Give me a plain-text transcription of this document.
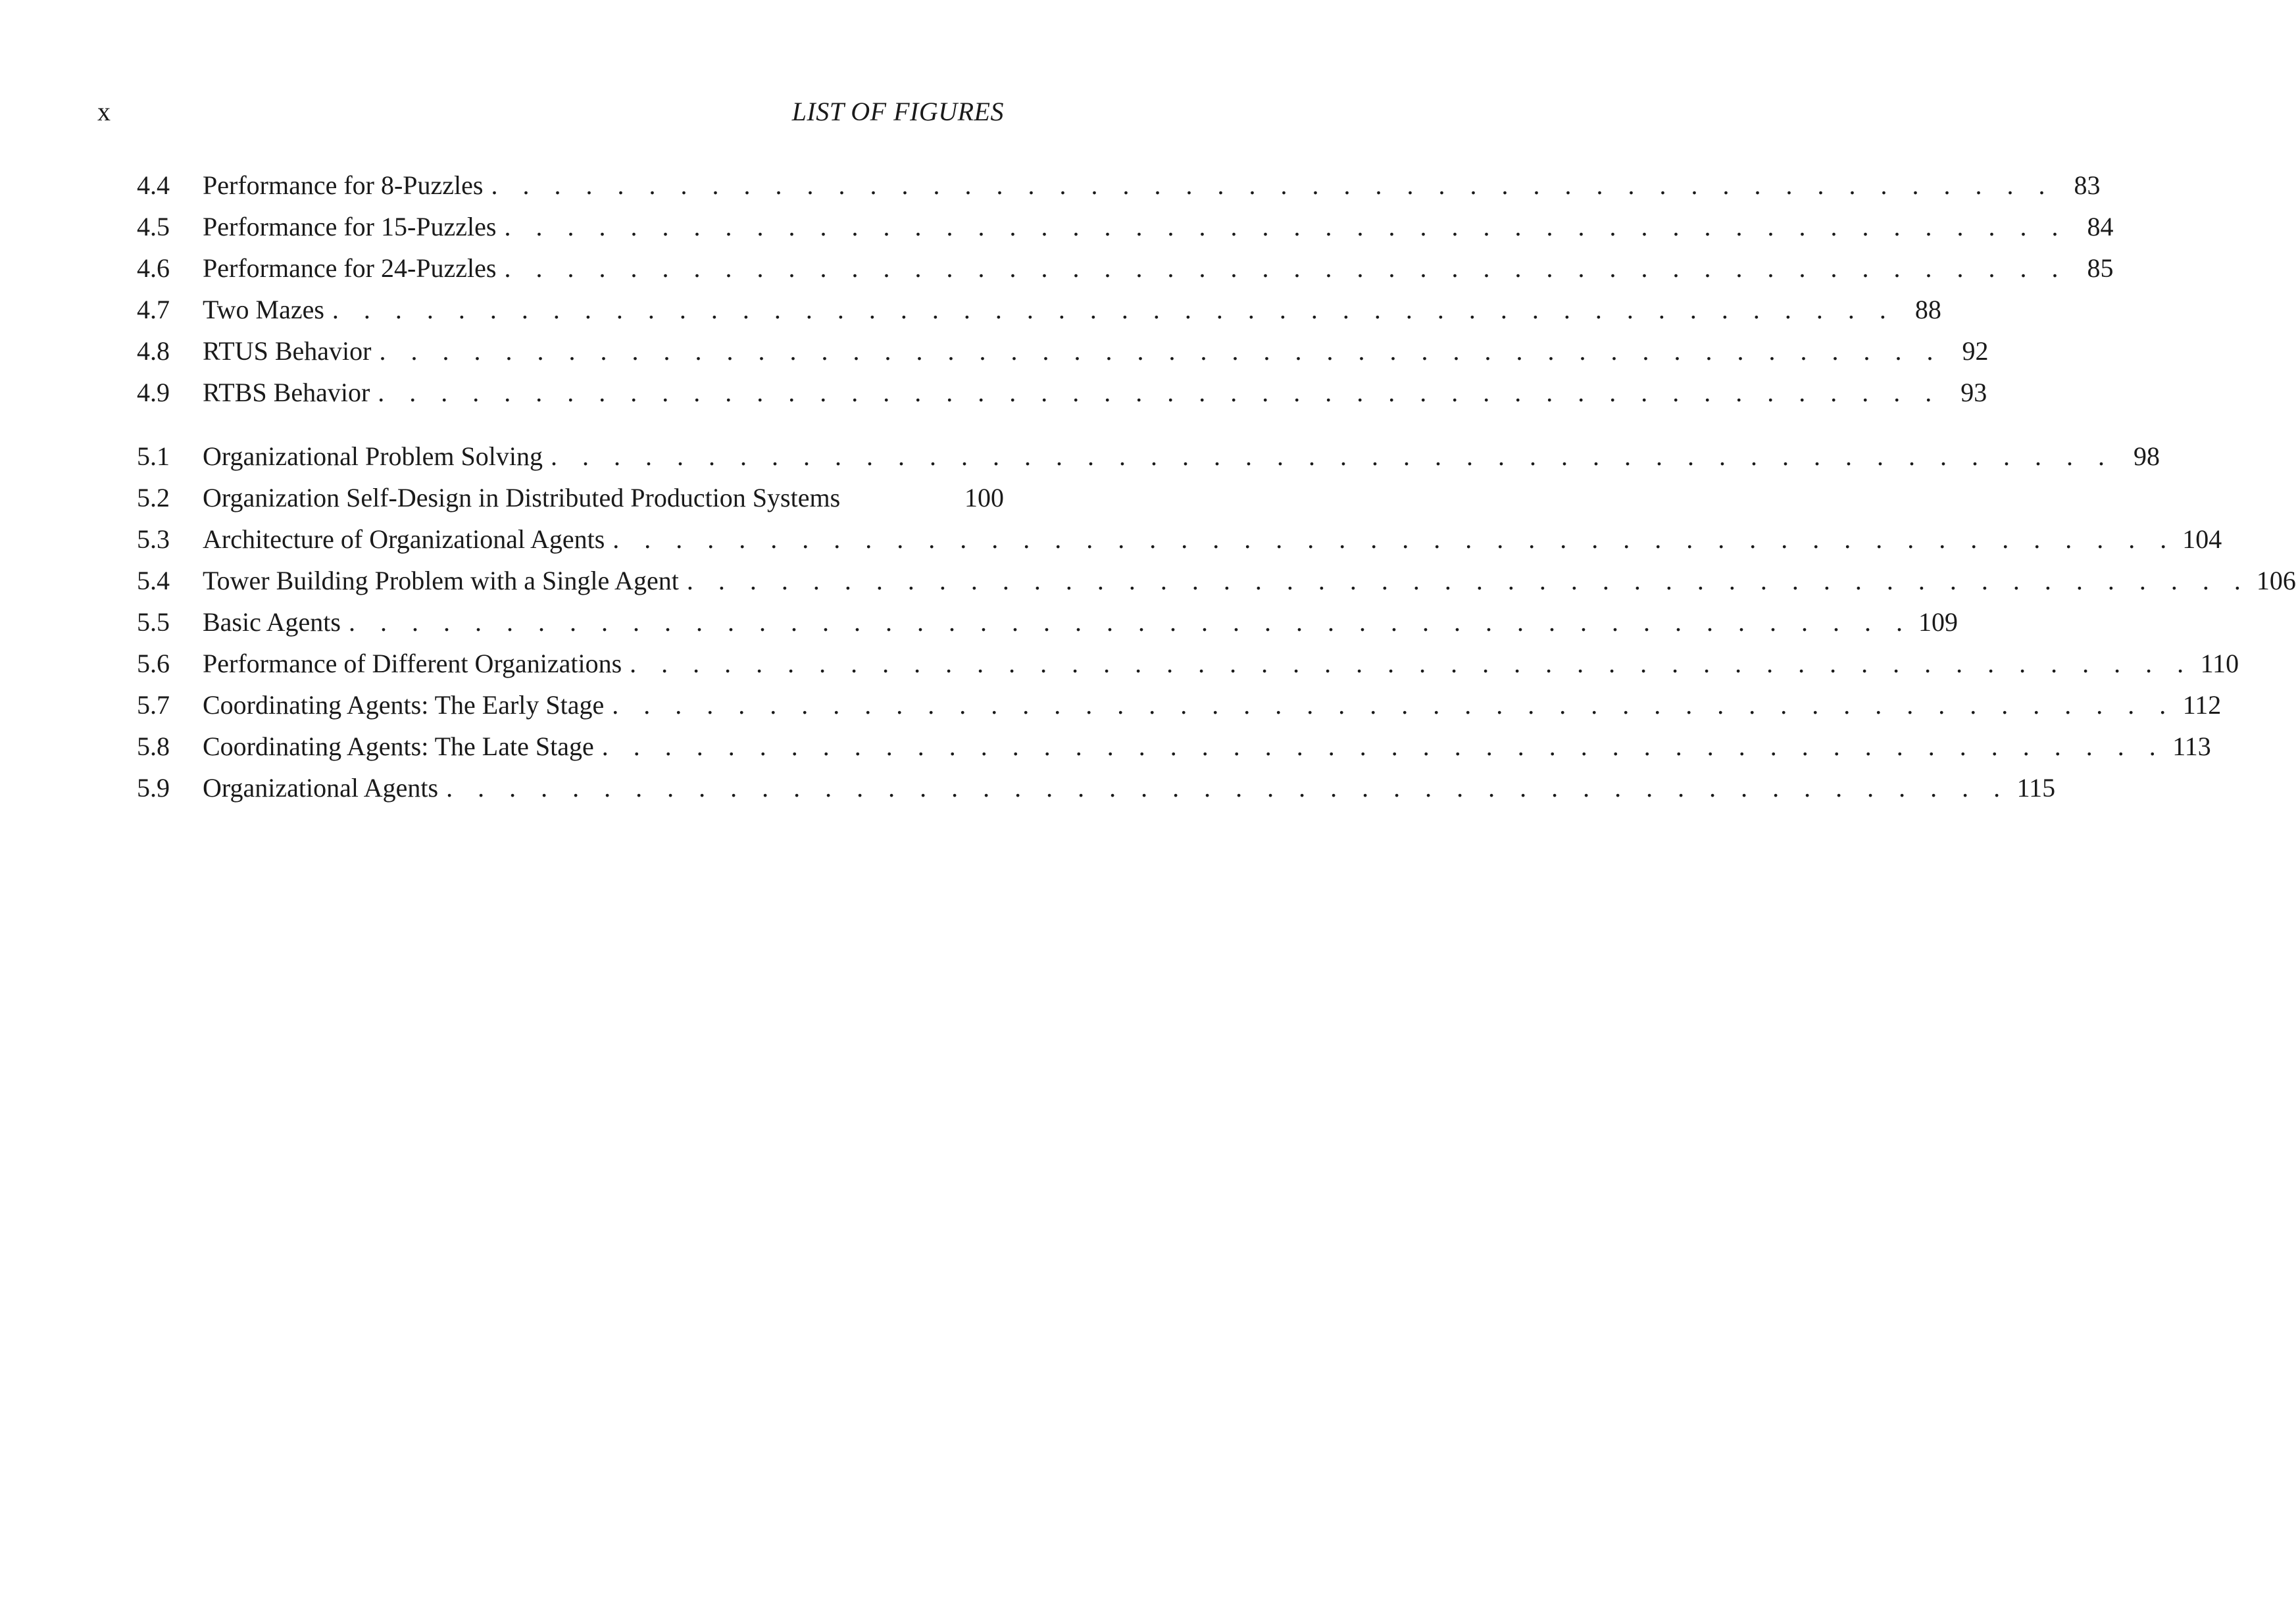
x	LIST OF FIGURES
4.4	Performance for 8-Puzzles . . . . . . . . . . . . . . . . . . . . . . . . . . . . . . . . . . . . . . . . . . . . . . . . . . 83
4.5	Performance for 15-Puzzles . . . . . . . . . . . . . . . . . . . . . . . . . . . . . . . . . . . . . . . . . . . . . . . . . . 84
4.6	Performance for 24-Puzzles . . . . . . . . . . . . . . . . . . . . . . . . . . . . . . . . . . . . . . . . . . . . . . . . . . 85
4.7	Two Mazes . . . . . . . . . . . . . . . . . . . . . . . . . . . . . . . . . . . . . . . . . . . . . . . . . . 88
4.8	RTUS Behavior . . . . . . . . . . . . . . . . . . . . . . . . . . . . . . . . . . . . . . . . . . . . . . . . . . 92
4.9	RTBS Behavior . . . . . . . . . . . . . . . . . . . . . . . . . . . . . . . . . . . . . . . . . . . . . . . . . . 93
5.1	Organizational Problem Solving . . . . . . . . . . . . . . . . . . . . . . . . . . . . . . . . . . . . . . . . . . . . . . . . . . 98
5.2	Organization Self-Design in Distributed Production Systems	100
5.3	Architecture of Organizational Agents . . . . . . . . . . . . . . . . . . . . . . . . . . . . . . . . . . . . . . . . . . . . . . . . . . 104
5.4	Tower Building Problem with a Single Agent . . . . . . . . . . . . . . . . . . . . . . . . . . . . . . . . . . . . . . . . . . . . . . . . . . 106
5.5	Basic Agents . . . . . . . . . . . . . . . . . . . . . . . . . . . . . . . . . . . . . . . . . . . . . . . . . . 109
5.6	Performance of Different Organizations . . . . . . . . . . . . . . . . . . . . . . . . . . . . . . . . . . . . . . . . . . . . . . . . . . 110
5.7	Coordinating Agents: The Early Stage . . . . . . . . . . . . . . . . . . . . . . . . . . . . . . . . . . . . . . . . . . . . . . . . . . 112
5.8	Coordinating Agents: The Late Stage . . . . . . . . . . . . . . . . . . . . . . . . . . . . . . . . . . . . . . . . . . . . . . . . . . 113
5.9	Organizational Agents . . . . . . . . . . . . . . . . . . . . . . . . . . . . . . . . . . . . . . . . . . . . . . . . . . 115
